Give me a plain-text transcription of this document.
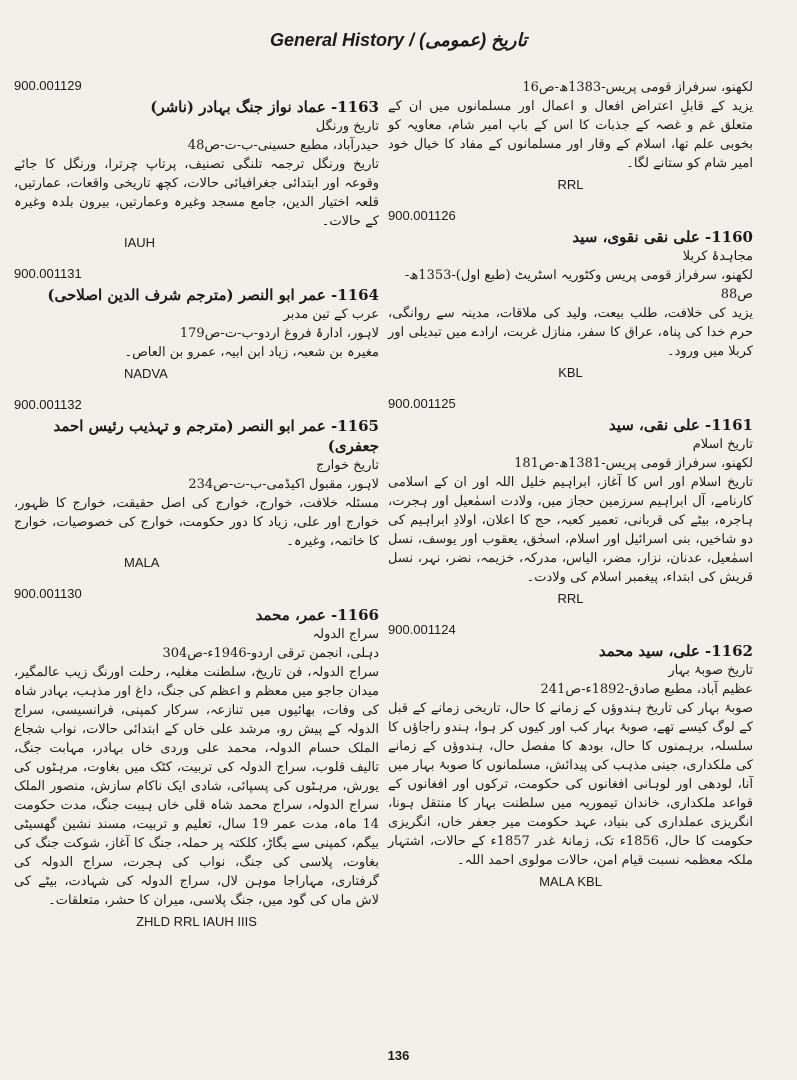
General History / تاریخ (عمومی)
لکھنو، سرفراز قومی پریس-1383ھ-ص16
یزید کے قابلِ اعتراض افعال و اعمال اور مسلمانوں میں ان کے متعلق غم و غصہ کے جذبات کا اس کے باپ امیر شام، معاویہ کو بخوبی علم تھا، اسلام کے وقار اور مسلمانوں کے مفاد کا خیال خود امیر شام کو ستانے لگا۔
RRL
900.001126
1160- علی نقی نقوی، سید
مجاہدۂ کربلا
لکھنو، سرفراز قومی پریس وکٹوریہ اسٹریٹ (طبع اول)-1353ھ-ص88
یزید کی خلافت، طلب بیعت، ولید کی ملاقات، مدینہ سے روانگی، حرم خدا کی پناہ، عراق کا سفر، منازل غربت، ارادے میں تبدیلی اور کربلا میں ورود۔
KBL
900.001125
1161- علی نقی، سید
تاریخ اسلام
لکھنو، سرفراز قومی پریس-1381ھ-ص181
تاریخ اسلام اور اس کا آغاز، ابراہیم خلیل اللہ اور ان کے اسلامی کارنامے، آل ابراہیم سرزمین حجاز میں، ولادت اسمٰعیل اور ہجرت، ہاجرہ، بیٹے کی قربانی، تعمیر کعبہ، حج کا اعلان، اولادِ ابراہیم کی دو شاخیں، بنی اسرائیل اور اسلام، اسحٰق، یعقوب اور یوسف، نسل اسمٰعیل، عدنان، نزار، مضر، الیاس، مدرکہ، خزیمہ، نضر، نہر، نسل قریش کی ابتداء، پیغمبر اسلام کی ولادت۔
RRL
900.001124
1162- علی، سید محمد
تاریخ صوبۂ بہار
عظیم آباد، مطبع صادق-1892ء-ص241
صوبۂ بہار کی تاریخ ہندوؤں کے زمانے کا حال، تاریخی زمانے کے قبل کے لوگ کیسے تھے، صوبۂ بہار کب اور کیوں کر ہوا، ہندو راجاؤں کا سلسلہ، برہمنوں کا حال، بودھ کا مفصل حال، ہندوؤں کے زمانے کی ملکداری، جینی مذہب کی پیدائش، مسلمانوں کا صوبۂ بہار میں آنا، لودھی اور لوہانی افغانوں کی حکومت، ترکوں اور افغانوں کے قواعد ملکداری، خاندان تیموریہ میں سلطنت بہار کا منتقل ہونا، انگریزی عملداری کی بنیاد، عہد حکومت میر جعفر خاں، انگریزی حکومت کا حال، 1856ء تک، زمانۂ غدر 1857ء کے حالات، اشتہار ملکہ معظمہ نسبت قیام امن، حالات مولوی احمد اللہ۔
MALA KBL
900.001129
1163- عماد نواز جنگ بہادر (ناشر)
تاریخ ورنگل
حیدرآباد، مطبع حسینی-ب-ت-ص48
تاریخ ورنگل ترجمہ تلنگی تصنیف، پرتاپ چرترا، ورنگل کا جائے وقوعہ اور ابتدائی جغرافیائی حالات، کچھ تاریخی واقعات، عمارتیں، قلعہ اختیار الدین، جامع مسجد وغیرہ وعمارتیں، بیرون بلدہ وغیرہ کے حالات۔
IAUH
900.001131
1164- عمر ابو النصر (مترجم شرف الدین اصلاحی)
عرب کے تین مدبر
لاہور، ادارۂ فروغ اردو-ب-ت-ص179
مغیرہ بن شعبہ، زیاد ابن ابیہ، عمرو بن العاص۔
NADVA
900.001132
1165- عمر ابو النصر (مترجم و تہذیب رئیس احمد جعفری)
تاریخ خوارج
لاہور، مقبول اکیڈمی-ب-ت-ص234
مسئلہ خلافت، خوارج، خوارج کی اصل حقیقت، خوارج کا ظہور، خوارج اور علی، زیاد کا دور حکومت، خوارج کی خصوصیات، خوارج کا خاتمہ، وغیرہ۔
MALA
900.001130
1166- عمر، محمد
سراج الدولہ
دہلی، انجمن ترقی اردو-1946ء-ص304
سراج الدولہ، فن تاریخ، سلطنت مغلیہ، رحلت اورنگ زیب عالمگیر، میدان جاجو میں معظم و اعظم کی جنگ، داغ اور مذہب، بہادر شاہ کی وفات، بھائیوں میں تنازعہ، سرکار کمپنی، فرانسیسی، سراج الدولہ کے پیش رو، مرشد علی خاں کے ابتدائی حالات، نواب شجاع الملک حسام الدولہ، محمد علی وردی خاں بہادر، مہابت جنگ، تالیف قلوب، سراج الدولہ کی تربیت، کٹک میں بغاوت، مرہٹوں کی یورش، مرہٹوں کی پسپائی، شادی ایک ناکام سازش، منصور الملک سراج الدولہ، سراج محمد شاہ قلی خاں ہیبت جنگ، مدت حکومت 14 ماہ، مدت عمر 19 سال، تعلیم و تربیت، مسند نشین گھسیٹی بیگم، کمپنی سے بگاڑ، کلکتہ پر حملہ، جنگ کا آغاز، شوکت جنگ کی بغاوت، پلاسی کی جنگ، نواب کی ہجرت، سراج الدولہ کی گرفتاری، مہاراجا موہن لال، سراج الدولہ کی شہادت، بیٹے کی لاش ماں کی گود میں، جنگ پلاسی، میران کا حشر، متعلقات۔
ZHLD RRL IAUH IIIS
136
